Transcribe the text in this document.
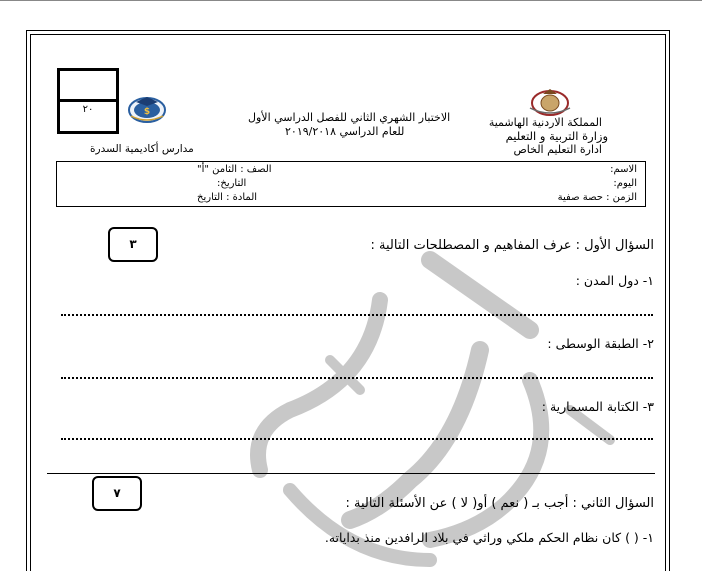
٢٠	$
مدارس أكاديمية السدرة
المملكة الاردنية الهاشمية
وزارة التربية و التعليم
ادارة التعليم الخاص
الاختبار الشهري الثاني للفصل الدراسي الأول
للعام الدراسي ٢٠١٩/٢٠١٨
الاسم:
اليوم:
الزمن : حصة صفية
الصف : الثامن "أ"
التاريخ:
المادة : التاريخ
٣	السؤال الأول : عرف المفاهيم و المصطلحات التالية :
١- دول المدن :
٢- الطبقة الوسطى :
٣- الكتابة المسمارية :
٧
السؤال الثاني : أجب بـ ( نعم ) أو( لا ) عن الأسئلة التالية :
١- ( ) كان نظام الحكم ملكي وراثي في بلاد الرافدين منذ بداياته.
